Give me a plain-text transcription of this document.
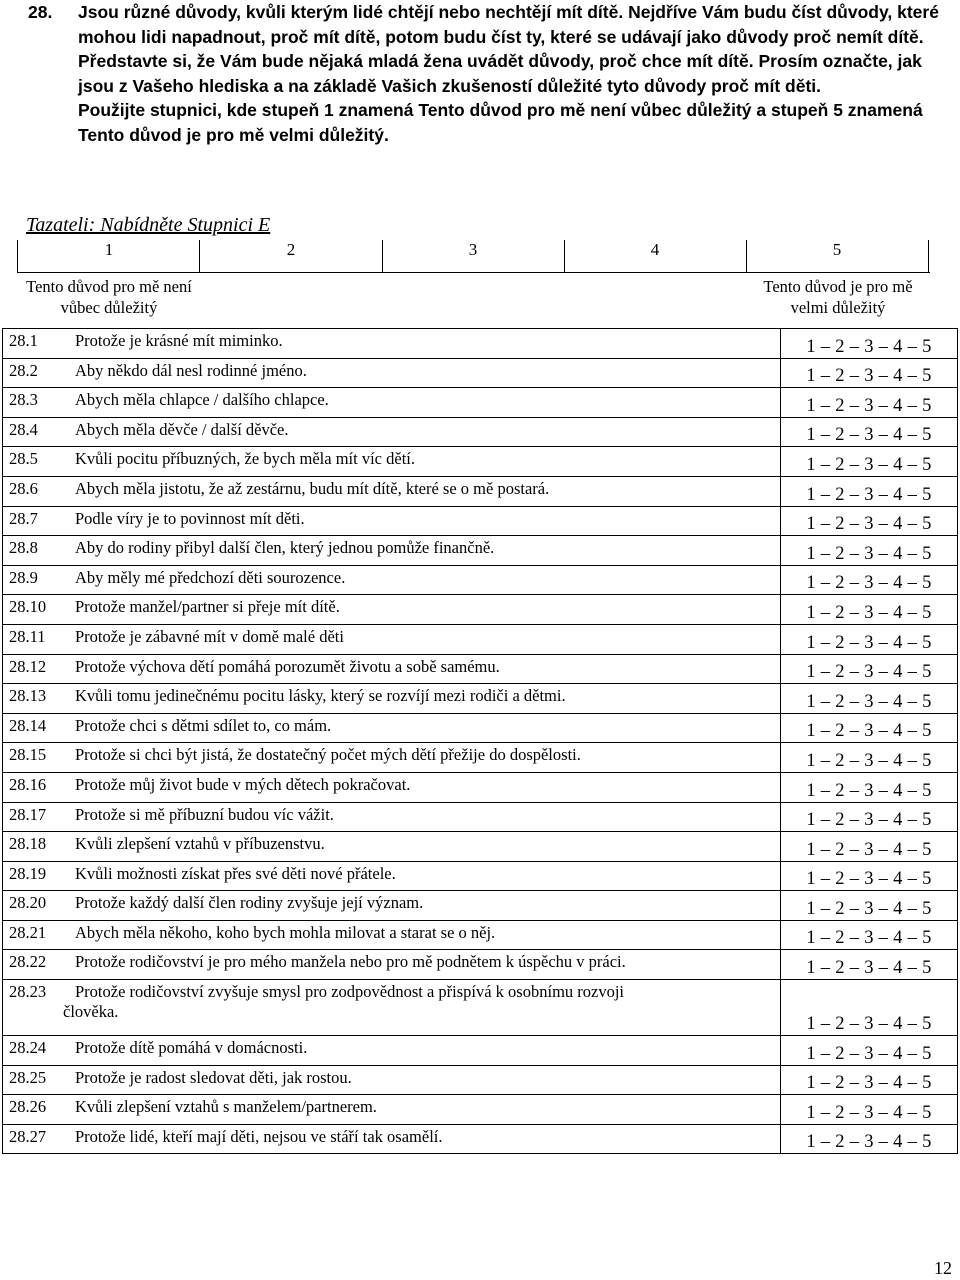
28.	Jsou různé důvody, kvůli kterým lidé chtějí nebo nechtějí mít dítě. Nejdříve Vám budu číst důvody, které mohou lidi napadnout, proč mít dítě, potom budu číst ty, které se udávají jako důvody proč nemít dítě.
Představte si, že Vám bude nějaká mladá žena uvádět důvody, proč chce mít dítě. Prosím označte, jak jsou z Vašeho hlediska a na základě Vašich zkušeností důležité tyto důvody proč mít děti.
Použijte stupnici, kde stupeň 1 znamená Tento důvod pro mě není vůbec důležitý a stupeň 5 znamená Tento důvod je pro mě velmi důležitý.
Tazateli: Nabídněte Stupnici E
1	2	3	4	5
Tento důvod pro mě není vůbec důležitý
Tento důvod je pro mě velmi důležitý
28.1 Protože je krásné mít miminko.	1 – 2 – 3 – 4 – 5
28.2 Aby někdo dál nesl rodinné jméno.	1 – 2 – 3 – 4 – 5
28.3 Abych měla chlapce / dalšího chlapce.	1 – 2 – 3 – 4 – 5
28.4 Abych měla děvče / další děvče.	1 – 2 – 3 – 4 – 5
28.5 Kvůli pocitu příbuzných, že bych měla mít víc dětí.	1 – 2 – 3 – 4 – 5
28.6 Abych měla jistotu, že až zestárnu, budu mít dítě, které se o mě postará.	1 – 2 – 3 – 4 – 5
28.7 Podle víry je to povinnost mít děti.	1 – 2 – 3 – 4 – 5
28.8 Aby do rodiny přibyl další člen, který jednou pomůže finančně.	1 – 2 – 3 – 4 – 5
28.9 Aby měly mé předchozí děti sourozence.	1 – 2 – 3 – 4 – 5
28.10 Protože manžel/partner si přeje mít dítě.	1 – 2 – 3 – 4 – 5
28.11 Protože je zábavné mít v domě malé děti	1 – 2 – 3 – 4 – 5
28.12 Protože výchova dětí pomáhá porozumět životu a sobě samému.	1 – 2 – 3 – 4 – 5
28.13 Kvůli tomu jedinečnému pocitu lásky, který se rozvíjí mezi rodiči a dětmi.	1 – 2 – 3 – 4 – 5
28.14 Protože chci s dětmi sdílet to, co mám.	1 – 2 – 3 – 4 – 5
28.15 Protože si chci být jistá, že dostatečný počet mých dětí přežije do dospělosti.	1 – 2 – 3 – 4 – 5
28.16 Protože můj život bude v mých dětech pokračovat.	1 – 2 – 3 – 4 – 5
28.17 Protože si mě příbuzní budou víc vážit.	1 – 2 – 3 – 4 – 5
28.18 Kvůli zlepšení vztahů v příbuzenstvu.	1 – 2 – 3 – 4 – 5
28.19 Kvůli možnosti získat přes své děti nové přátele.	1 – 2 – 3 – 4 – 5
28.20 Protože každý další člen rodiny zvyšuje její význam.	1 – 2 – 3 – 4 – 5
28.21 Abych měla někoho, koho bych mohla milovat a starat se o něj.	1 – 2 – 3 – 4 – 5
28.22 Protože rodičovství je pro mého manžela nebo pro mě podnětem k úspěchu v práci.	1 – 2 – 3 – 4 – 5
28.23 Protože rodičovství zvyšuje smysl pro zodpovědnost a přispívá k osobnímu rozvoji
člověka.	1 – 2 – 3 – 4 – 5
28.24 Protože dítě pomáhá v domácnosti.	1 – 2 – 3 – 4 – 5
28.25 Protože je radost sledovat děti, jak rostou.	1 – 2 – 3 – 4 – 5
28.26 Kvůli zlepšení vztahů s manželem/partnerem.	1 – 2 – 3 – 4 – 5
28.27 Protože lidé, kteří mají děti, nejsou ve stáří tak osamělí.	1 – 2 – 3 – 4 – 5
12
